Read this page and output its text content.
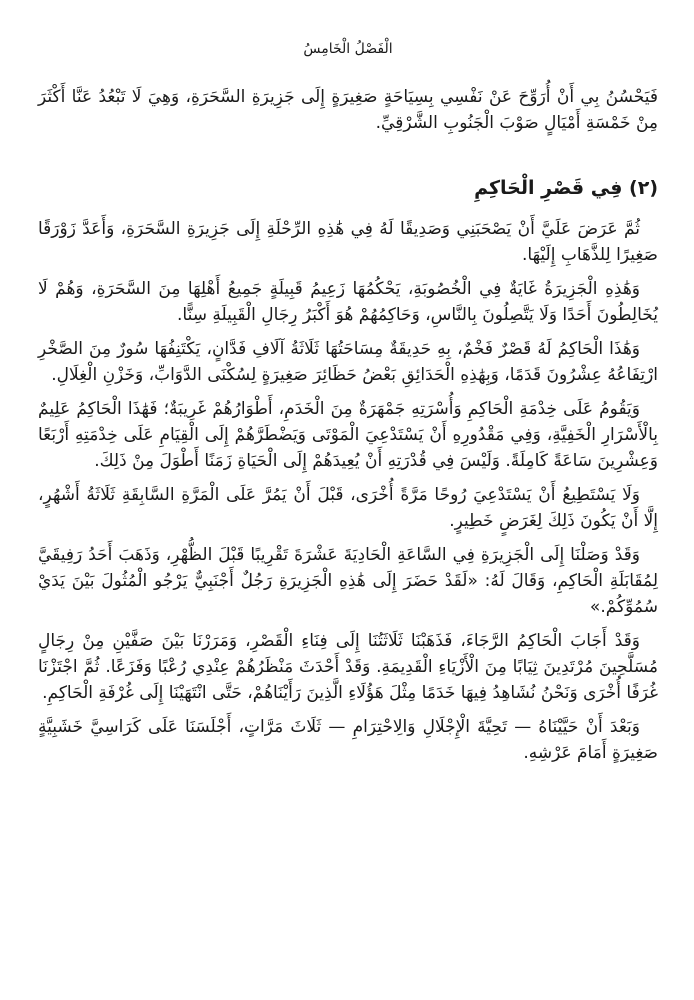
الْفَصْلُ الْخَامِسُ

فَيَحْسُنُ بِي أَنْ أُرَوِّحَ عَنْ نَفْسِي بِسِيَاحَةٍ صَغِيرَةٍ إِلَى جَزِيرَةِ السَّحَرَةِ، وَهِيَ لَا تَبْعُدُ عَنَّا أَكْثَرَ مِنْ خَمْسَةِ أَمْيَالٍ صَوْبَ الْجَنُوبِ الشَّرْقِيِّ.

(٢) فِي قَصْرِ الْحَاكِمِ

ثُمَّ عَرَضَ عَلَيَّ أَنْ يَصْحَبَنِي وَصَدِيقًا لَهُ فِي هَٰذِهِ الرِّحْلَةِ إِلَى جَزِيرَةِ السَّحَرَةِ، وَأَعَدَّ زَوْرَقًا صَغِيرًا لِلذَّهَابِ إِلَيْهَا.

وَهَٰذِهِ الْجَزِيرَةُ غَايَةٌ فِي الْخُصُوبَةِ، يَحْكُمُهَا زَعِيمُ قَبِيلَةٍ جَمِيعُ أَهْلِهَا مِنَ السَّحَرَةِ، وَهُمْ لَا يُخَالِطُونَ أَحَدًا وَلَا يَتَّصِلُونَ بِالنَّاسِ، وَحَاكِمُهُمْ هُوَ أَكْبَرُ رِجَالِ الْقَبِيلَةِ سِنًّا.

وَهَٰذَا الْحَاكِمُ لَهُ قَصْرٌ فَخْمٌ، بِهِ حَدِيقَةٌ مِسَاحَتُهَا ثَلَاثَةُ آلَافِ فَدَّانٍ، يَكْتَنِفُهَا سُورٌ مِنَ الصَّخْرِ ارْتِفَاعُهُ عِشْرُونَ قَدَمًا، وَبِهَٰذِهِ الْحَدَائِقِ بَعْضُ حَظَائِرَ صَغِيرَةٍ لِسُكْنَى الدَّوَابِّ، وَخَزْنِ الْغِلَالِ.

وَيَقُومُ عَلَى خِدْمَةِ الْحَاكِمِ وَأُسْرَتِهِ جَمْهَرَةٌ مِنَ الْخَدَمِ، أَطْوَارُهُمْ غَرِيبَةٌ؛ فَهَٰذَا الْحَاكِمُ عَلِيمٌ بِالْأَسْرَارِ الْخَفِيَّةِ، وَفِي مَقْدُورِهِ أَنْ يَسْتَدْعِيَ الْمَوْتَى وَيَضْطَرَّهُمْ إِلَى الْقِيَامِ عَلَى خِدْمَتِهِ أَرْبَعًا وَعِشْرِينَ سَاعَةً كَامِلَةً. وَلَيْسَ فِي قُدْرَتِهِ أَنْ يُعِيدَهُمْ إِلَى الْحَيَاةِ زَمَنًا أَطْوَلَ مِنْ ذَلِكَ.

وَلَا يَسْتَطِيعُ أَنْ يَسْتَدْعِيَ رُوحًا مَرَّةً أُخْرَى، قَبْلَ أَنْ يَمُرَّ عَلَى الْمَرَّةِ السَّابِقَةِ ثَلَاثَةُ أَشْهُرٍ، إِلَّا أَنْ يَكُونَ ذَلِكَ لِغَرَضٍ خَطِيرٍ.

وَقَدْ وَصَلْنَا إِلَى الْجَزِيرَةِ فِي السَّاعَةِ الْحَادِيَةَ عَشْرَةَ تَقْرِيبًا قَبْلَ الظُّهْرِ، وَذَهَبَ أَحَدُ رَفِيقَيَّ لِمُقَابَلَةِ الْحَاكِمِ، وَقَالَ لَهُ: «لَقَدْ حَضَرَ إِلَى هَٰذِهِ الْجَزِيرَةِ رَجُلٌ أَجْنَبِيٌّ يَرْجُو الْمُثُولَ بَيْنَ يَدَيْ سُمُوِّكُمْ.»

وَقَدْ أَجَابَ الْحَاكِمُ الرَّجَاءَ، فَذَهَبْنَا ثَلَاثَتُنَا إِلَى فِنَاءِ الْقَصْرِ، وَمَرَرْنَا بَيْنَ صَفَّيْنِ مِنْ رِجَالٍ مُسَلَّحِينَ مُرْتَدِينَ ثِيَابًا مِنَ الْأَزْيَاءِ الْقَدِيمَةِ. وَقَدْ أَحْدَثَ مَنْظَرُهُمْ عِنْدِي رُعْبًا وَفَزَعًا. ثُمَّ اجْتَزْنَا غُرَفًا أُخْرَى وَنَحْنُ نُشَاهِدُ فِيهَا خَدَمًا مِثْلَ هَؤُلَاءِ الَّذِينَ رَأَيْنَاهُمْ، حَتَّى انْتَهَيْنَا إِلَى غُرْفَةِ الْحَاكِمِ.

وَبَعْدَ أَنْ حَيَّيْنَاهُ — تَحِيَّةَ الْإِجْلَالِ وَالِاحْتِرَامِ — ثَلَاثَ مَرَّاتٍ، أَجْلَسَنَا عَلَى كَرَاسِيَّ خَشَبِيَّةٍ صَغِيرَةٍ أَمَامَ عَرْشِهِ.
